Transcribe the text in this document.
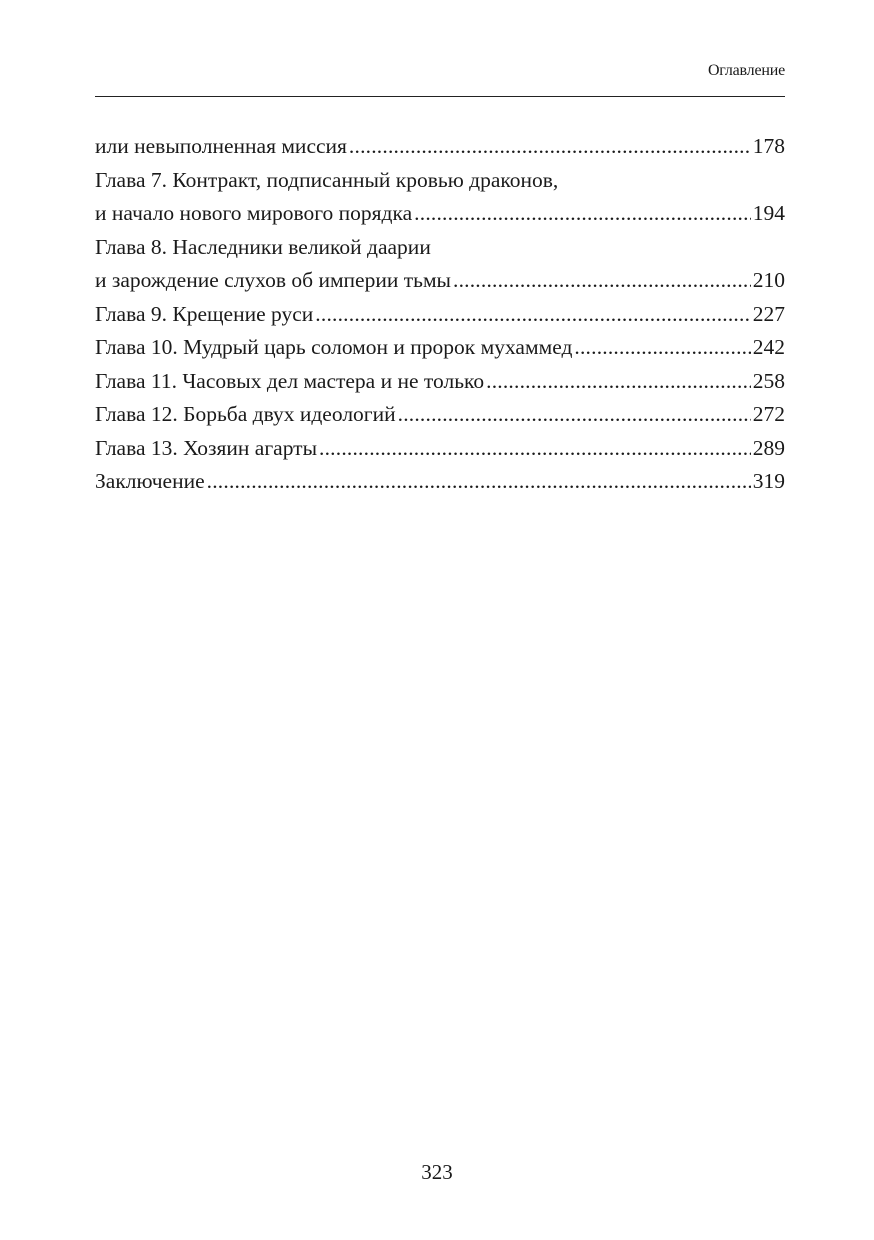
Оглавление
или невыполненная миссия .....	178
Глава 7. Контракт, подписанный кровью драконов,
и начало нового мирового порядка .....	194
Глава 8. Наследники великой даарии
и зарождение слухов об империи тьмы .....	210
Глава 9. Крещение руси .....	227
Глава 10. Мудрый царь соломон и пророк мухаммед .....	242
Глава 11. Часовых дел мастера и не только .....	258
Глава 12. Борьба двух идеологий .....	272
Глава 13. Хозяин агарты .....	289
Заключение .....	319
323
